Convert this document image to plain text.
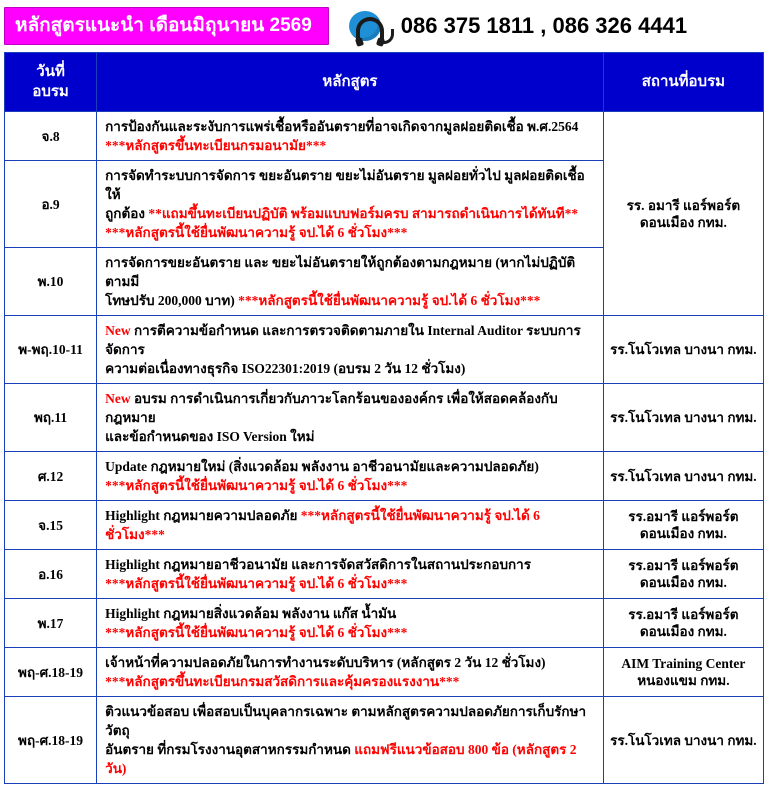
หลักสูตรแนะนำ เดือนมิถุนายน 2569	086 375 1811 , 086 326 4441
วันที่
อบรม	หลักสูตร	สถานที่อบรม
จ.8	การป้องกันและระงับการแพร่เชื้อหรืออันตรายที่อาจเกิดจากมูลฝอยติดเชื้อ พ.ศ.2564
***หลักสูตรขึ้นทะเบียนกรมอนามัย***	รร. อมารี แอร์พอร์ต ดอนเมือง กทม.
อ.9	การจัดทำระบบการจัดการ ขยะอันตราย ขยะไม่อันตราย มูลฝอยทั่วไป มูลฝอยติดเชื้อ ให้
ถูกต้อง **แถมขึ้นทะเบียนปฏิบัติ พร้อมแบบฟอร์มครบ สามารถดำเนินการได้ทันที**
***หลักสูตรนี้ใช้ยื่นพัฒนาความรู้ จป.ได้ 6 ชั่วโมง***	

พ.10	การจัดการขยะอันตราย และ ขยะไม่อันตรายให้ถูกต้องตามกฎหมาย (หากไม่ปฏิบัติตามมี
โทษปรับ 200,000 บาท) ***หลักสูตรนี้ใช้ยื่นพัฒนาความรู้ จป.ได้ 6 ชั่วโมง***	

พ-พฤ.10-11	New การตีความข้อกำหนด และการตรวจติดตามภายใน Internal Auditor ระบบการจัดการ
ความต่อเนื่องทางธุรกิจ ISO22301:2019 (อบรม 2 วัน 12 ชั่วโมง)	รร.โนโวเทล บางนา กทม.
พฤ.11	New อบรม การดำเนินการเกี่ยวกับภาวะโลกร้อนขององค์กร เพื่อให้สอดคล้องกับกฎหมาย
และข้อกำหนดของ ISO Version ใหม่	รร.โนโวเทล บางนา กทม.
ศ.12	Update กฎหมายใหม่ (สิ่งแวดล้อม พลังงาน อาชีวอนามัยและความปลอดภัย)
***หลักสูตรนี้ใช้ยื่นพัฒนาความรู้ จป.ได้ 6 ชั่วโมง***	รร.โนโวเทล บางนา กทม.
จ.15	Highlight กฎหมายความปลอดภัย ***หลักสูตรนี้ใช้ยื่นพัฒนาความรู้ จป.ได้ 6 ชั่วโมง***	รร.อมารี แอร์พอร์ต ดอนเมือง กทม.
อ.16	Highlight กฎหมายอาชีวอนามัย และการจัดสวัสดิการในสถานประกอบการ
***หลักสูตรนี้ใช้ยื่นพัฒนาความรู้ จป.ได้ 6 ชั่วโมง***	รร.อมารี แอร์พอร์ต ดอนเมือง กทม.
พ.17	Highlight กฎหมายสิ่งแวดล้อม พลังงาน แก๊ส น้ำมัน
***หลักสูตรนี้ใช้ยื่นพัฒนาความรู้ จป.ได้ 6 ชั่วโมง***	รร.อมารี แอร์พอร์ต ดอนเมือง กทม.
พฤ-ศ.18-19	เจ้าหน้าที่ความปลอดภัยในการทำงานระดับบริหาร (หลักสูตร 2 วัน 12 ชั่วโมง)
***หลักสูตรขึ้นทะเบียนกรมสวัสดิการและคุ้มครองแรงงาน***	AIM Training Center หนองแขม กทม.
พฤ-ศ.18-19	ติวแนวข้อสอบ เพื่อสอบเป็นบุคลากรเฉพาะ ตามหลักสูตรความปลอดภัยการเก็บรักษาวัตถุ
อันตราย ที่กรมโรงงานอุตสาหกรรมกำหนด แถมฟรีแนวข้อสอบ 800 ข้อ (หลักสูตร 2 วัน)	รร.โนโวเทล บางนา กทม.
